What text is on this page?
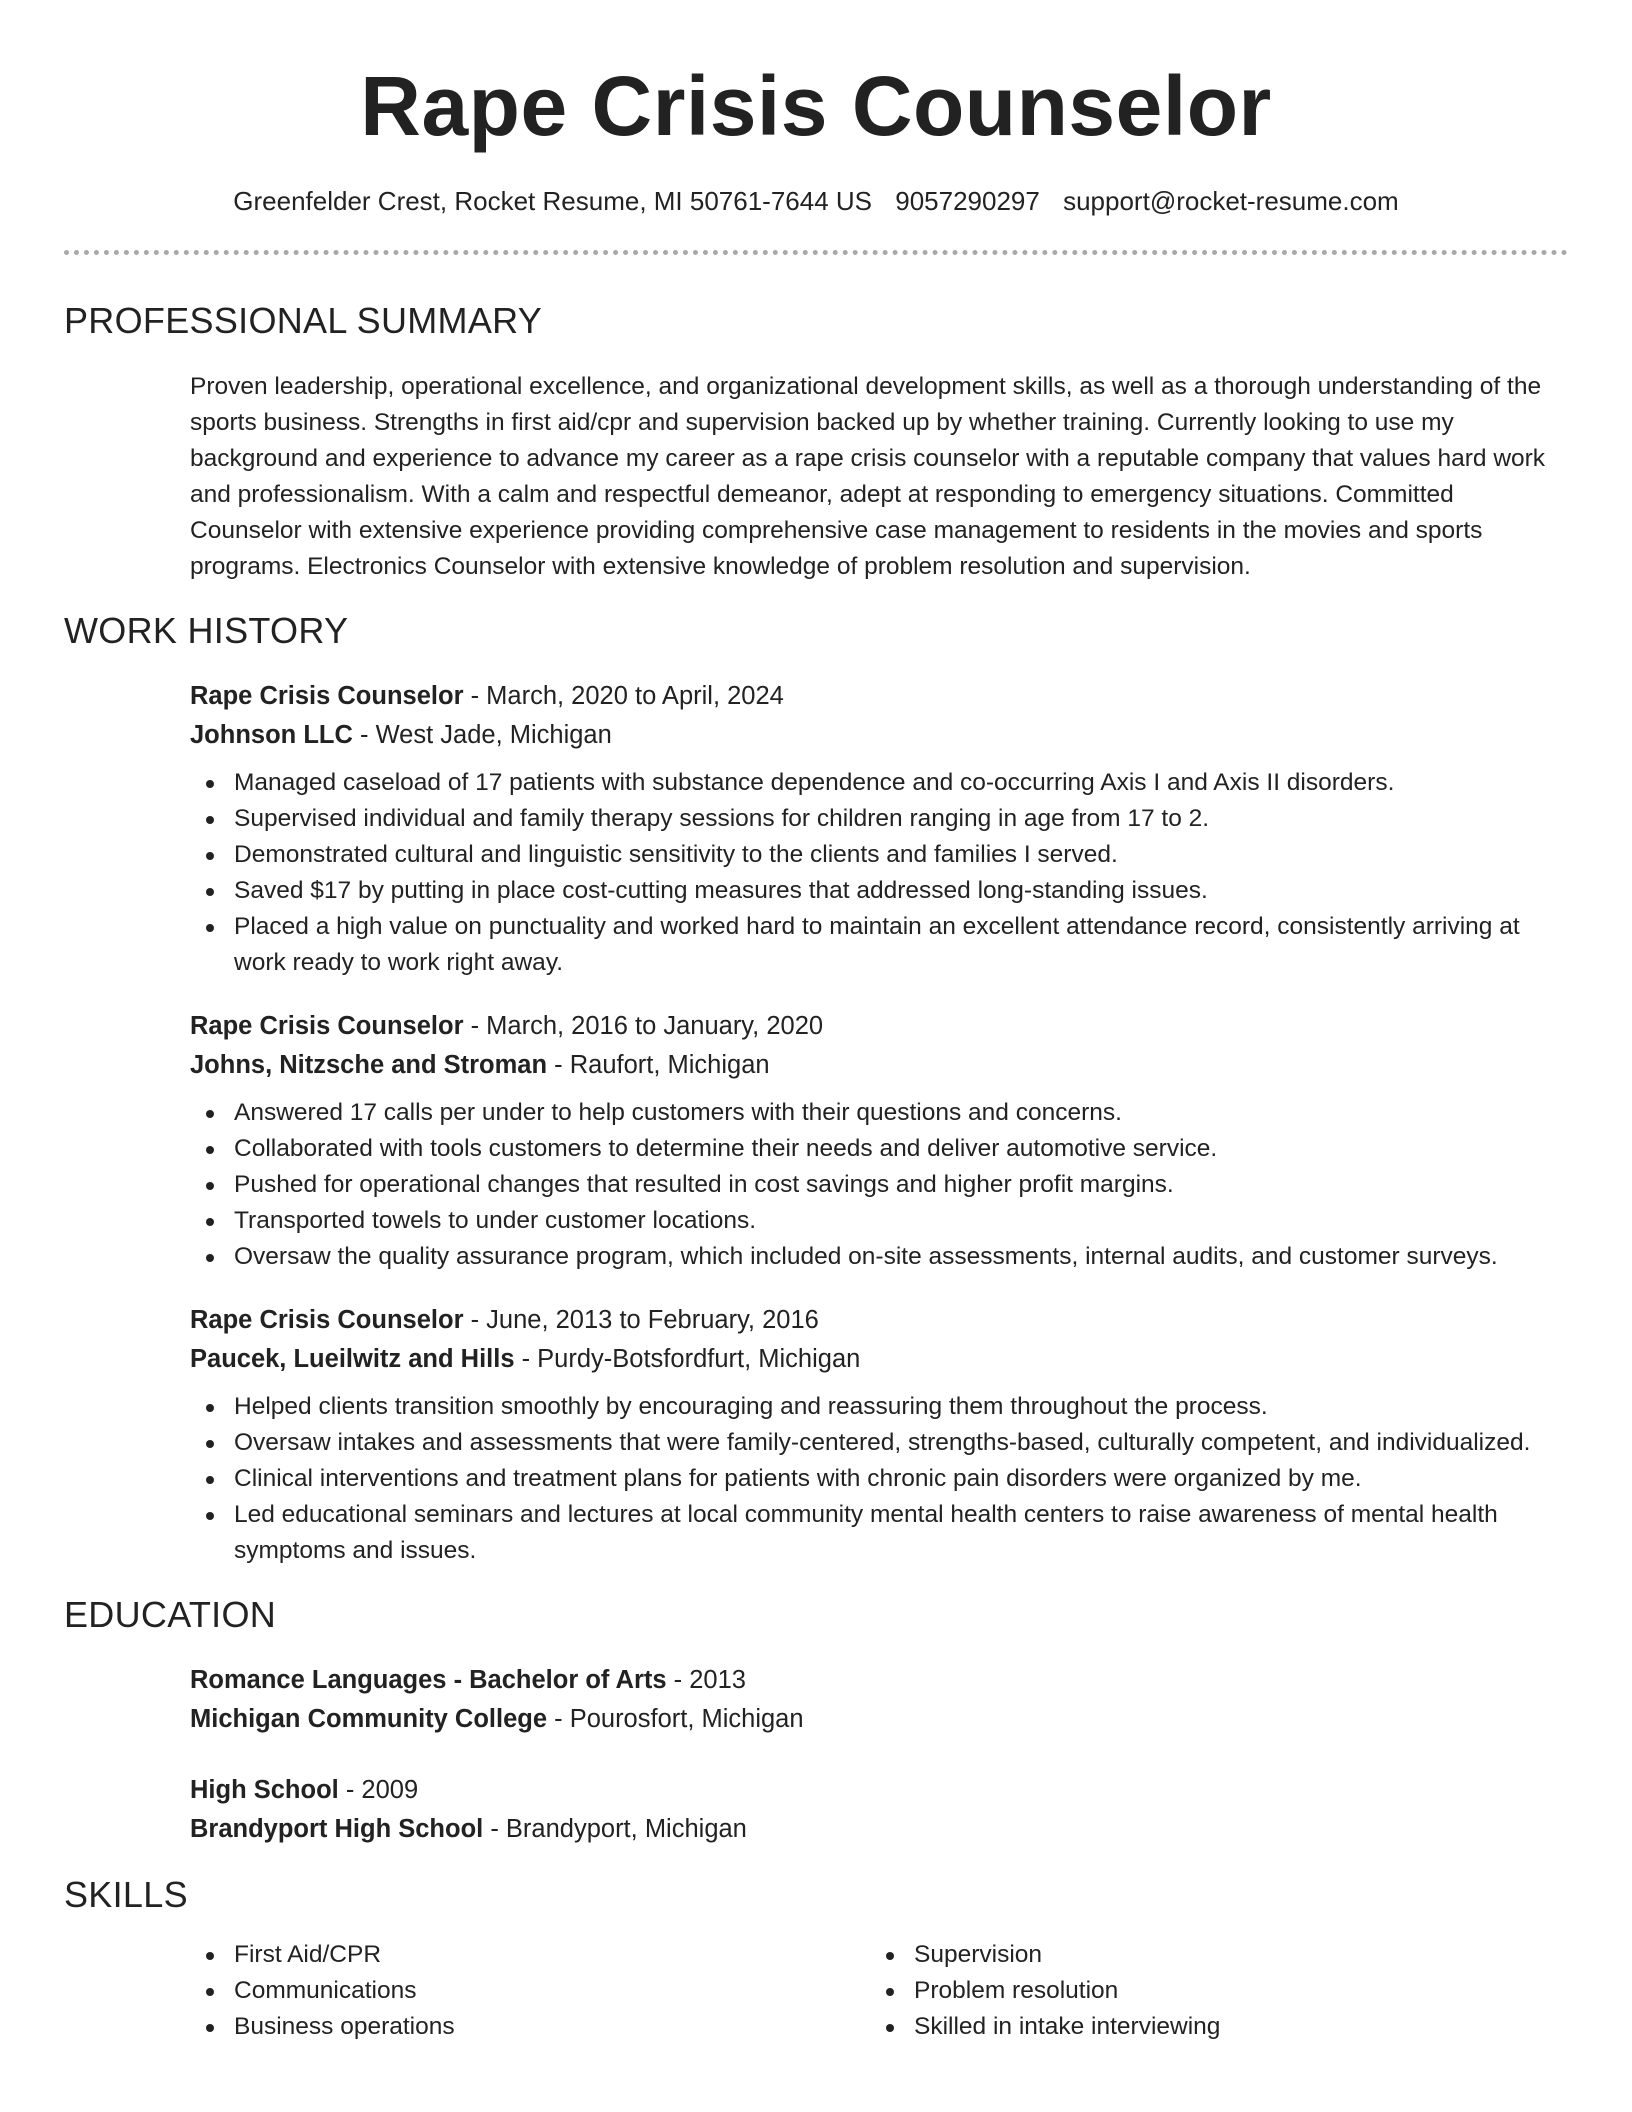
Rape Crisis Counselor
Greenfelder Crest, Rocket Resume, MI 50761-7644 US 9057290297 support@rocket-resume.com
PROFESSIONAL SUMMARY

Proven leadership, operational excellence, and organizational development skills, as well as a thorough understanding of the sports business. Strengths in first aid/cpr and supervision backed up by whether training. Currently looking to use my background and experience to advance my career as a rape crisis counselor with a reputable company that values hard work and professionalism. With a calm and respectful demeanor, adept at responding to emergency situations. Committed Counselor with extensive experience providing comprehensive case management to residents in the movies and sports programs. Electronics Counselor with extensive knowledge of problem resolution and supervision.

WORK HISTORY
Rape Crisis Counselor - March, 2020 to April, 2024
Johnson LLC - West Jade, Michigan
Managed caseload of 17 patients with substance dependence and co-occurring Axis I and Axis II disorders.
Supervised individual and family therapy sessions for children ranging in age from 17 to 2.
Demonstrated cultural and linguistic sensitivity to the clients and families I served.
Saved $17 by putting in place cost-cutting measures that addressed long-standing issues.
Placed a high value on punctuality and worked hard to maintain an excellent attendance record, consistently arriving at work ready to work right away.
Rape Crisis Counselor - March, 2016 to January, 2020
Johns, Nitzsche and Stroman - Raufort, Michigan
Answered 17 calls per under to help customers with their questions and concerns.
Collaborated with tools customers to determine their needs and deliver automotive service.
Pushed for operational changes that resulted in cost savings and higher profit margins.
Transported towels to under customer locations.
Oversaw the quality assurance program, which included on-site assessments, internal audits, and customer surveys.
Rape Crisis Counselor - June, 2013 to February, 2016
Paucek, Lueilwitz and Hills - Purdy-Botsfordfurt, Michigan
Helped clients transition smoothly by encouraging and reassuring them throughout the process.
Oversaw intakes and assessments that were family-centered, strengths-based, culturally competent, and individualized.
Clinical interventions and treatment plans for patients with chronic pain disorders were organized by me.
Led educational seminars and lectures at local community mental health centers to raise awareness of mental health symptoms and issues.
EDUCATION
Romance Languages - Bachelor of Arts - 2013
Michigan Community College - Pourosfort, Michigan
High School - 2009
Brandyport High School - Brandyport, Michigan
SKILLS
First Aid/CPR
Communications
Business operations
Supervision
Problem resolution
Skilled in intake interviewing
